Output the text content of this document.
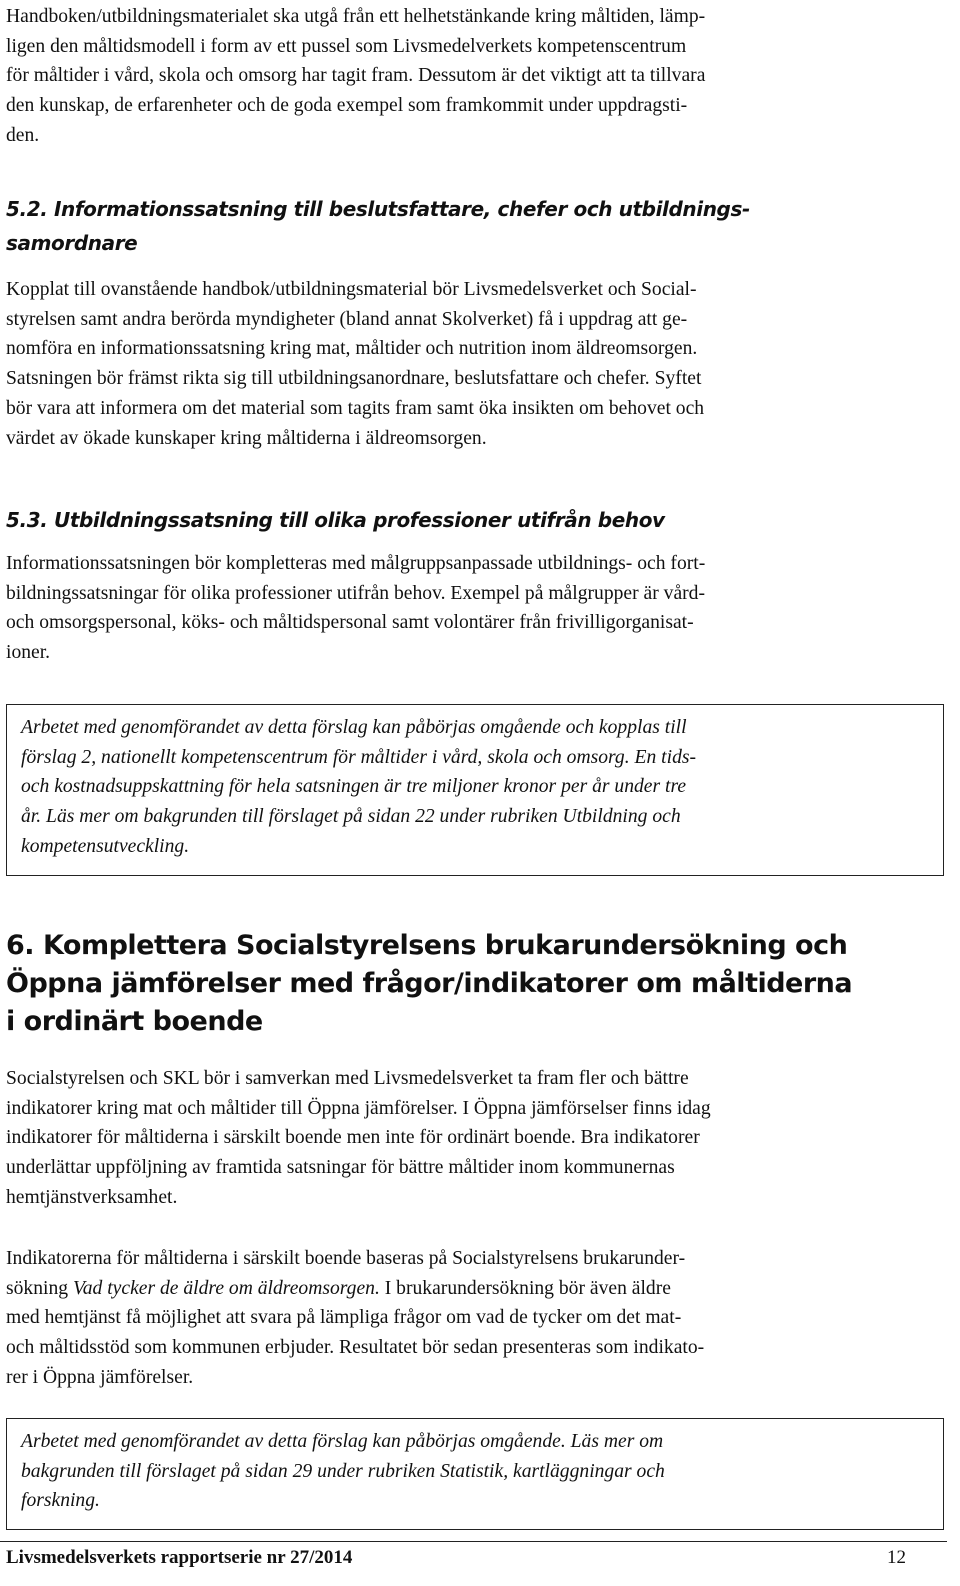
Handboken/utbildningsmaterialet ska utgå från ett helhetstänkande kring måltiden, lämp-
ligen den måltidsmodell i form av ett pussel som Livsmedelverkets kompetenscentrum
för måltider i vård, skola och omsorg har tagit fram. Dessutom är det viktigt att ta tillvara
den kunskap, de erfarenheter och de goda exempel som framkommit under uppdragsti-
den.
5.2. Informationssatsning till beslutsfattare, chefer och utbildnings-
samordnare
Kopplat till ovanstående handbok/utbildningsmaterial bör Livsmedelsverket och Social-
styrelsen samt andra berörda myndigheter (bland annat Skolverket) få i uppdrag att ge-
nomföra en informationssatsning kring mat, måltider och nutrition inom äldreomsorgen.
Satsningen bör främst rikta sig till utbildningsanordnare, beslutsfattare och chefer. Syftet
bör vara att informera om det material som tagits fram samt öka insikten om behovet och
värdet av ökade kunskaper kring måltiderna i äldreomsorgen.
5.3. Utbildningssatsning till olika professioner utifrån behov
Informationssatsningen bör kompletteras med målgruppsanpassade utbildnings- och fort-
bildningssatsningar för olika professioner utifrån behov. Exempel på målgrupper är vård-
och omsorgspersonal, köks- och måltidspersonal samt volontärer från frivilligorganisat-
ioner.
Arbetet med genomförandet av detta förslag kan påbörjas omgående och kopplas till
förslag 2, nationellt kompetenscentrum för måltider i vård, skola och omsorg. En tids-
och kostnadsuppskattning för hela satsningen är tre miljoner kronor per år under tre
år. Läs mer om bakgrunden till förslaget på sidan 22 under rubriken Utbildning och
kompetensutveckling.
6. Komplettera Socialstyrelsens brukarundersökning och
Öppna jämförelser med frågor/indikatorer om måltiderna
i ordinärt boende
Socialstyrelsen och SKL bör i samverkan med Livsmedelsverket ta fram fler och bättre
indikatorer kring mat och måltider till Öppna jämförelser. I Öppna jämförselser finns idag
indikatorer för måltiderna i särskilt boende men inte för ordinärt boende. Bra indikatorer
underlättar uppföljning av framtida satsningar för bättre måltider inom kommunernas
hemtjänstverksamhet.
Indikatorerna för måltiderna i särskilt boende baseras på Socialstyrelsens brukarunder-
sökning Vad tycker de äldre om äldreomsorgen. I brukarundersökning bör även äldre
med hemtjänst få möjlighet att svara på lämpliga frågor om vad de tycker om det mat-
och måltidsstöd som kommunen erbjuder. Resultatet bör sedan presenteras som indikato-
rer i Öppna jämförelser.
Arbetet med genomförandet av detta förslag kan påbörjas omgående. Läs mer om
bakgrunden till förslaget på sidan 29 under rubriken Statistik, kartläggningar och
forskning.
Livsmedelsverkets rapportserie nr 27/2014	12
